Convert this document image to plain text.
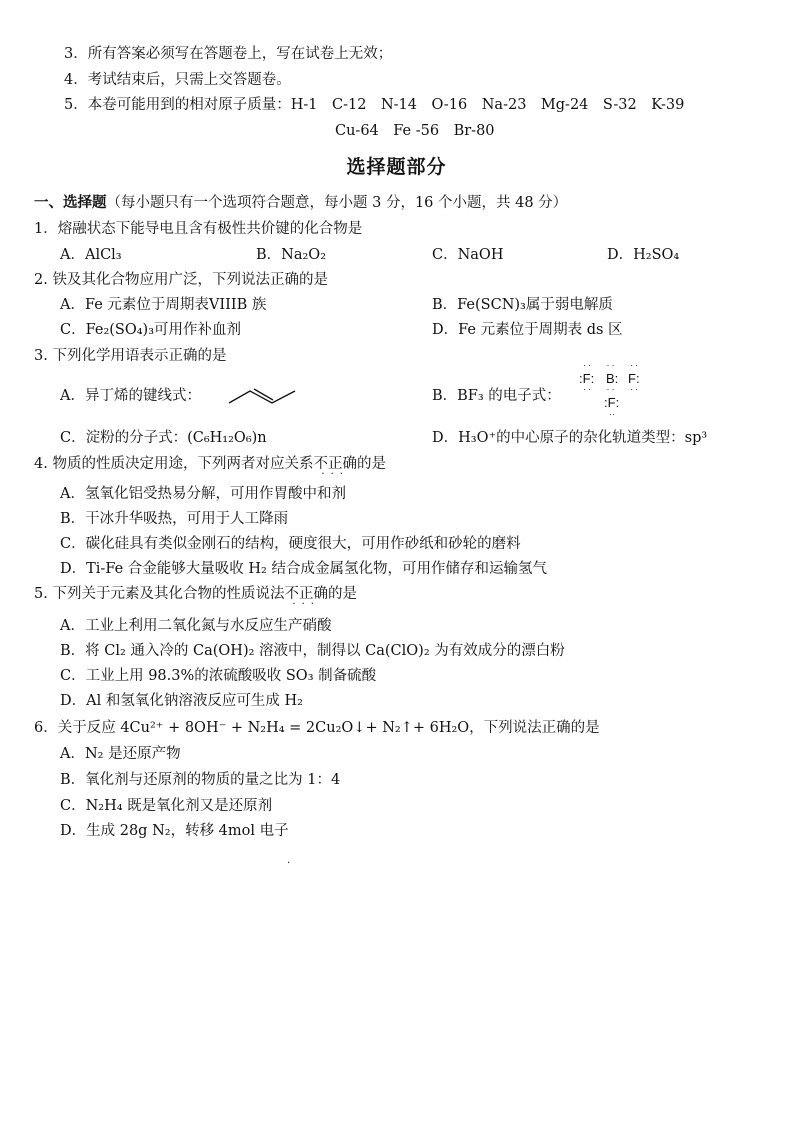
3．所有答案必须写在答题卷上，写在试卷上无效；
4．考试结束后，只需上交答题卷。
5．本卷可能用到的相对原子质量：H-1　C-12　N-14　O-16　Na-23　Mg-24　S-32　K-39
Cu-64　Fe -56　Br-80
选择题部分
一、选择题（每小题只有一个选项符合题意，每小题 3 分，16 个小题，共 48 分）
1．熔融状态下能导电且含有极性共价键的化合物是
A．AlCl₃	B．Na₂O₂	C．NaOH	D．H₂SO₄
2. 铁及其化合物应用广泛，下列说法正确的是
A．Fe 元素位于周期表VIIIB 族	B．Fe(SCN)₃属于弱电解质
C．Fe₂(SO₄)₃可用作补血剂	D．Fe 元素位于周期表 ds 区
3. 下列化学用语表示正确的是
A．异丁烯的键线式：	B．BF₃ 的电子式：
··   ··   ··
:F: B: F:
··   ··   ··
:F:
··
C．淀粉的分子式：(C₆H₁₂O₆)n	D．H₃O⁺的中心原子的杂化轨道类型：sp³
4. 物质的性质决定用途，下列两者对应关系不正确
···
的是
A．氢氧化铝受热易分解，可用作胃酸中和剂
B．干冰升华吸热，可用于人工降雨
C．碳化硅具有类似金刚石的结构，硬度很大，可用作砂纸和砂轮的磨料
D．Ti-Fe 合金能够大量吸收 H₂ 结合成金属氢化物，可用作储存和运输氢气
5. 下列关于元素及其化合物的性质说法不正确
···
的是
A．工业上利用二氧化氮与水反应生产硝酸
B．将 Cl₂ 通入冷的 Ca(OH)₂ 溶液中，制得以 Ca(ClO)₂ 为有效成分的漂白粉
C．工业上用 98.3%的浓硫酸吸收 SO₃ 制备硫酸
D．Al 和氢氧化钠溶液反应可生成 H₂
6．关于反应 4Cu²⁺ + 8OH⁻ + N₂H₄ = 2Cu₂O↓+ N₂↑+ 6H₂O，下列说法正确的是
A．N₂ 是还原产物
B．氧化剂与还原剂的物质的量之比为 1：4
C．N₂H₄ 既是氧化剂又是还原剂
D．生成 28g N₂，转移 4mol 电子
·
